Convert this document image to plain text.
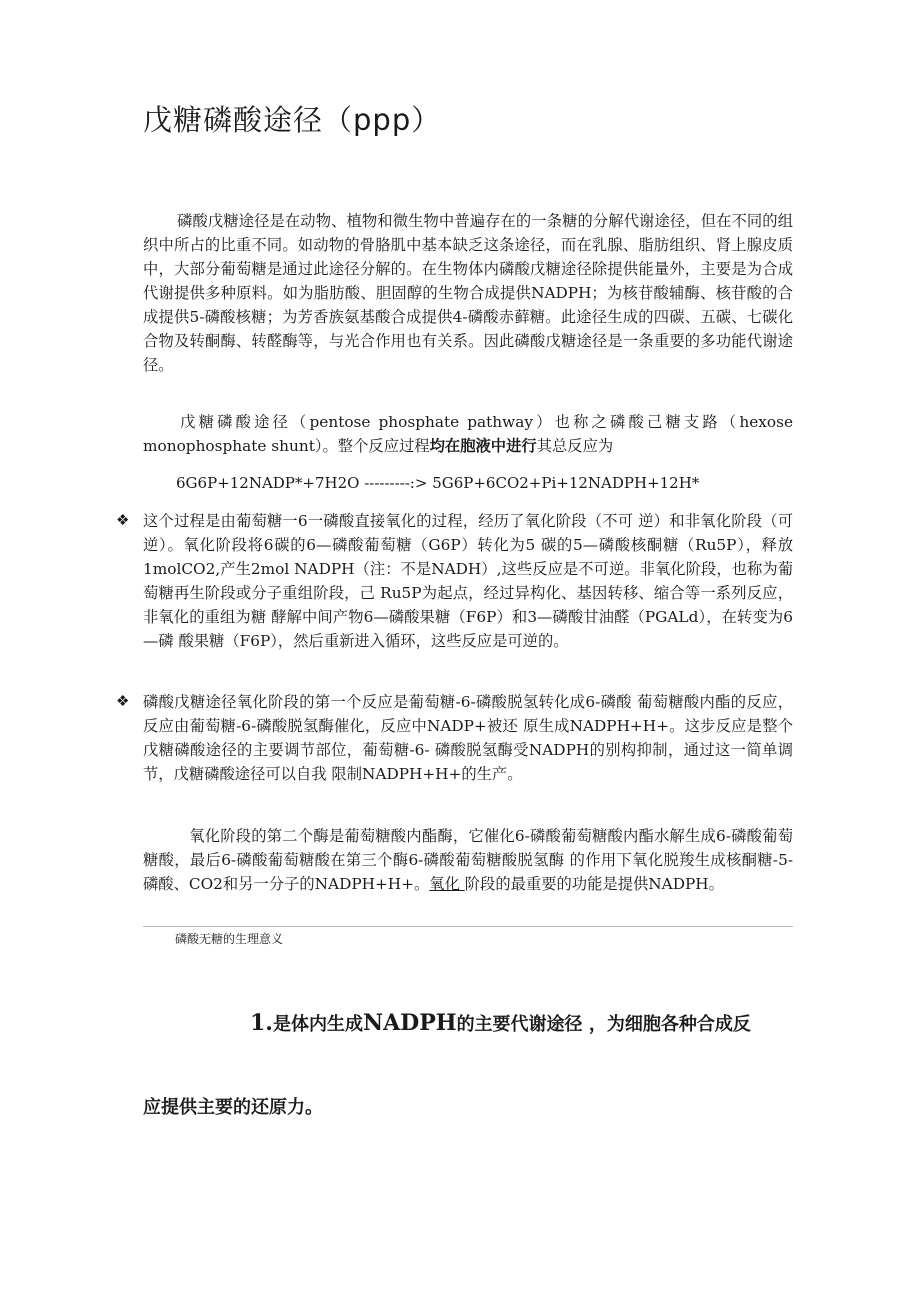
戊糖磷酸途径（ppp）

磷酸戊糖途径是在动物、植物和微生物中普遍存在的一条糖的分解代谢途径，但在不同的组织中所占的比重不同。如动物的骨胳肌中基本缺乏这条途径，而在乳腺、脂肪组织、肾上腺皮质中，大部分葡萄糖是通过此途径分解的。在生物体内磷酸戊糖途径除提供能量外，主要是为合成代谢提供多种原料。如为脂肪酸、胆固醇的生物合成提供NADPH；为核苷酸辅酶、核苷酸的合成提供5-磷酸核糖；为芳香族氨基酸合成提供4-磷酸赤藓糖。此途径生成的四碳、五碳、七碳化合物及转酮酶、转醛酶等，与光合作用也有关系。因此磷酸戊糖途径是一条重要的多功能代谢途径。

戊糖磷酸途径（pentose phosphate pathway）也称之磷酸己糖支路（hexose monophosphate shunt）。整个反应过程均在胞液中进行其总反应为

6G6P+12NADP*+7H2O ---------:> 5G6P+6CO2+Pi+12NADPH+12H*
❖ 这个过程是由葡萄糖一6一磷酸直接氧化的过程，经历了氧化阶段（不可 逆）和非氧化阶段（可逆）。氧化阶段将6碳的6—磷酸葡萄糖（G6P）转化为5 碳的5—磷酸核酮糖（Ru5P），释放1molCO2,产生2mol NADPH（注：不是NADH）,这些反应是不可逆。非氧化阶段，也称为葡萄糖再生阶段或分子重组阶段，己 Ru5P为起点，经过异构化、基因转移、缩合等一系列反应，非氧化的重组为糖 酵解中间产物6—磷酸果糖（F6P）和3—磷酸甘油醛（PGALd），在转变为6—磷 酸果糖（F6P），然后重新进入循环，这些反应是可逆的。

❖ 磷酸戊糖途径氧化阶段的第一个反应是葡萄糖-6-磷酸脱氢转化成6-磷酸 葡萄糖酸内酯的反应，反应由葡萄糖-6-磷酸脱氢酶催化，反应中NADP+被还 原生成NADPH+H+。这步反应是整个戊糖磷酸途径的主要调节部位，葡萄糖-6- 磷酸脱氢酶受NADPH的别构抑制，通过这一简单调节，戊糖磷酸途径可以自我 限制NADPH+H+的生产。

氧化阶段的第二个酶是葡萄糖酸内酯酶，它催化6-磷酸葡萄糖酸内酯水解生成6-磷酸葡萄糖酸，最后6-磷酸葡萄糖酸在第三个酶6-磷酸葡萄糖酸脱氢酶 的作用下氧化脱羧生成核酮糖-5-磷酸、CO2和另一分子的NADPH+H+。氧化 阶段的最重要的功能是提供NADPH。

磷酸无糖的生理意义
1.是体内生成NADPH的主要代谢途径 ，为细胞各种合成反
应提供主要的还原力。
